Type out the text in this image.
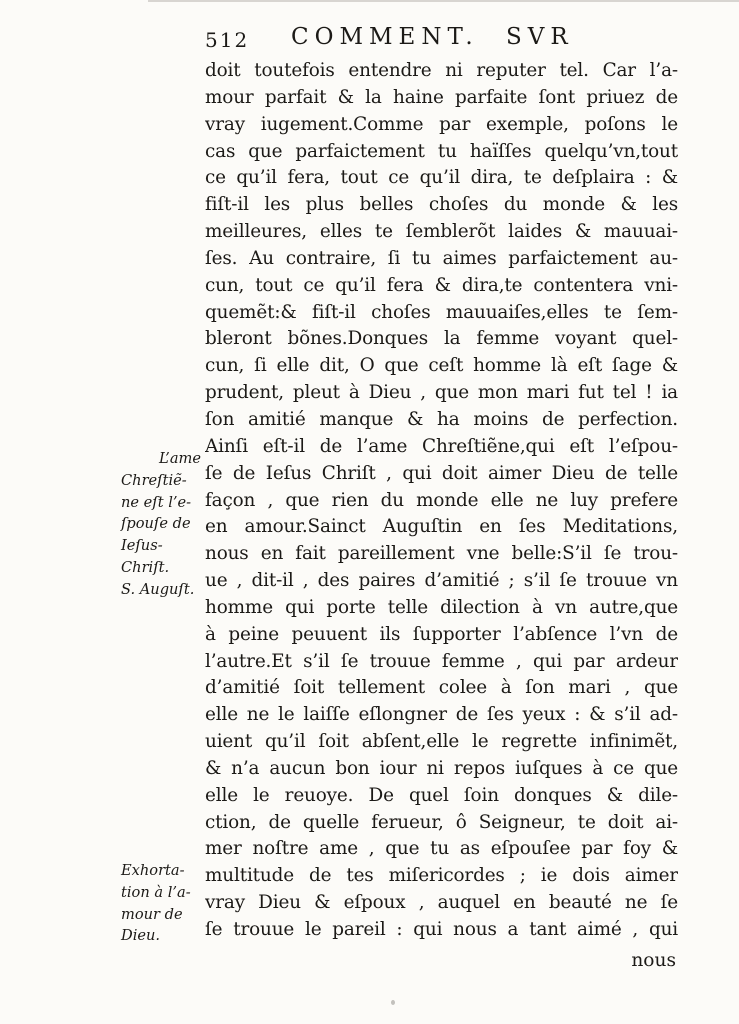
512 COMMENT. SVR
doit toutefois entendre ni reputer tel. Car l’a-
mour parfait & la haine parfaite ſont priuez de
vray iugement.Comme par exemple, poſons le
cas que parfaictement tu haïſſes quelqu’vn,tout
ce qu’il fera, tout ce qu’il dira, te deſplaira : &
fiſt-il les plus belles choſes du monde & les
meilleures, elles te ſemblerõt laides & mauuai-
ſes. Au contraire, ſi tu aimes parfaictement au-
cun, tout ce qu’il fera & dira,te contentera vni-
quemẽt:& fiſt-il choſes mauuaiſes,elles te ſem-
bleront bõnes.Donques la femme voyant quel-
cun, ſi elle dit, O que ceſt homme là eſt ſage &
prudent, pleut à Dieu , que mon mari fut tel ! ia
ſon amitié manque & ha moins de perfection.
Ainſi eſt-il de l’ame Chreſtiẽne,qui eſt l’eſpou-
ſe de Ieſus Chriſt , qui doit aimer Dieu de telle
façon , que rien du monde elle ne luy prefere
en amour.Sainct Auguſtin en ſes Meditations,
nous en fait pareillement vne belle:S’il ſe trou-
ue , dit-il , des paires d’amitié ; s’il ſe trouue vn
homme qui porte telle dilection à vn autre,que
à peine peuuent ils ſupporter l’abſence l’vn de
l’autre.Et s’il ſe trouue femme , qui par ardeur
d’amitié ſoit tellement colee à ſon mari , que
elle ne le laiſſe eſlongner de ſes yeux : & s’il ad-
uient qu’il ſoit abſent,elle le regrette infinimẽt,
& n’a aucun bon iour ni repos iuſques à ce que
elle le reuoye. De quel ſoin donques & dile-
ction, de quelle ferueur, ô Seigneur, te doit ai-
mer noſtre ame , que tu as eſpouſee par foy &
multitude de tes miſericordes ; ie dois aimer
vray Dieu & eſpoux , auquel en beauté ne ſe
ſe trouue le pareil : qui nous a tant aimé , qui
L’ame
Chreſtiẽ-
ne eſt l’e-
ſpouſe de
Ieſus-
Chriſt.
S. Auguſt.
Exhorta-
tion à l’a-
mour de
Dieu.
nous
